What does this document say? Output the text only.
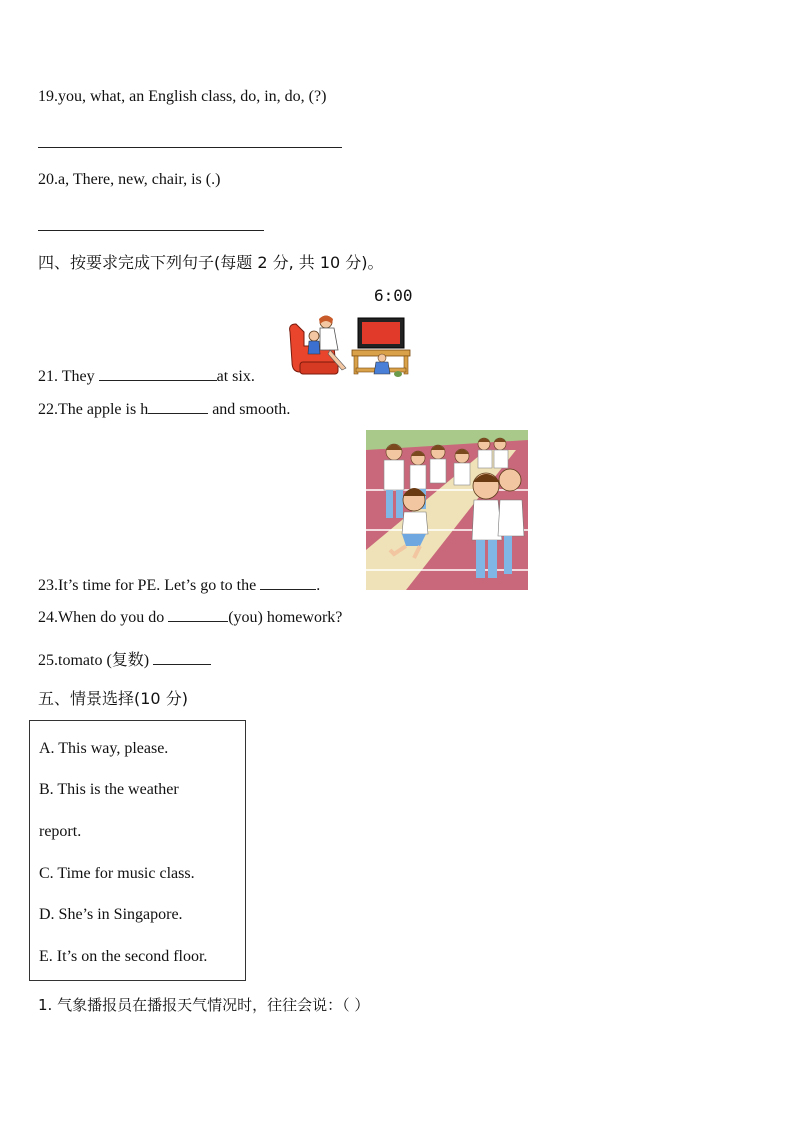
19.you, what, an English class, do, in, do, (?)
20.a, There, new, chair, is (.)
四、按要求完成下列句子(每题 2 分, 共 10 分)。
6:00
21. They	at six.
22.The apple is h	and smooth.
23.It’s time for PE. Let’s go to the	.
24.When do you do	(you) homework?
25.tomato (复数)
五、情景选择(10 分)
A. This way, please.
B. This is the weather
report.
C. Time for music class.
D. She’s in Singapore.
E. It’s on the second floor.
1. 气象播报员在播报天气情况时，往往会说：（ ）
